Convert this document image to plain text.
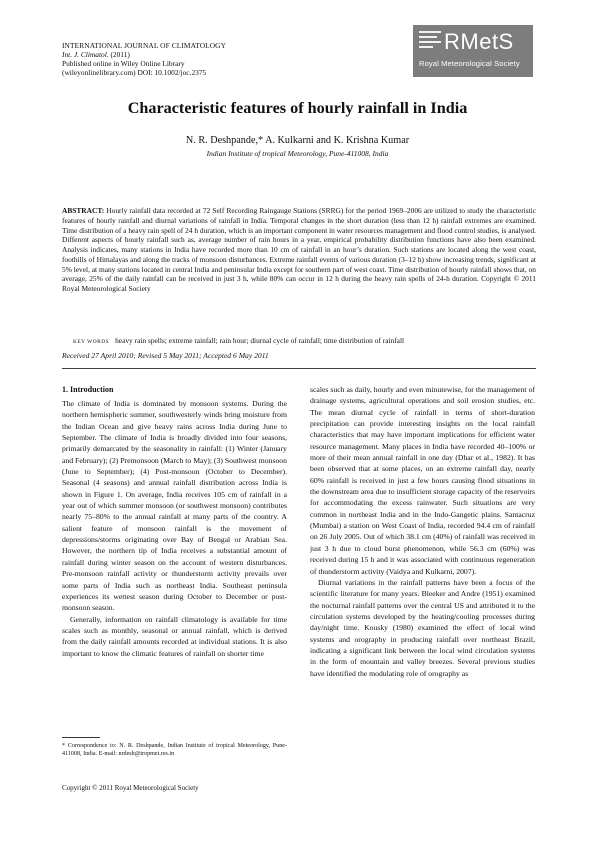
INTERNATIONAL JOURNAL OF CLIMATOLOGY
Int. J. Climatol. (2011)
Published online in Wiley Online Library
(wileyonlinelibrary.com) DOI: 10.1002/joc.2375
RMetS
Royal Meteorological Society
Characteristic features of hourly rainfall in India
N. R. Deshpande,* A. Kulkarni and K. Krishna Kumar
Indian Institute of tropical Meteorology, Pune-411008, India
ABSTRACT: Hourly rainfall data recorded at 72 Self Recording Raingauge Stations (SRRG) for the period 1969–2006 are utilized to study the characteristic features of hourly rainfall and diurnal variations of rainfall in India. Temporal changes in the short duration (less than 12 h) rainfall extremes are examined. Time distribution of a heavy rain spell of 24 h duration, which is an important component in water resources management and flood control studies, is analysed. Different aspects of hourly rainfall such as, average number of rain hours in a year, empirical probability distribution functions have also been examined. Analysis indicates, many stations in India have recorded more than 10 cm of rainfall in an hour’s duration. Such stations are located along the west coast, foothills of Himalayas and along the tracks of monsoon disturbances. Extreme rainfall events of various duration (3–12 h) show increasing trends, significant at 5% level, at many stations located in central India and peninsular India except for southern part of west coast. Time distribution of hourly rainfall shows that, on average, 25% of the daily rainfall can be received in just 3 h, while 80% can occur in 12 h during the heavy rain spells of 24-h duration. Copyright © 2011 Royal Meteorological Society
KEY WORDS heavy rain spells; extreme rainfall; rain hour; diurnal cycle of rainfall; time distribution of rainfall
Received 27 April 2010; Revised 5 May 2011; Accepted 6 May 2011
1. Introduction

The climate of India is dominated by monsoon systems. During the northern hemispheric summer, southwesterly winds bring moisture from the Indian Ocean and give heavy rains across India during June to September. The climate of India is broadly divided into four seasons, primarily demarcated by the seasonality in rainfall: (1) Winter (January and February); (2) Premonsoon (March to May); (3) Southwest monsoon (June to September); (4) Post-monsoon (October to December). Seasonal (4 seasons) and annual rainfall distribution across India is shown in Figure 1. On average, India receives 105 cm of rainfall in a year out of which summer monsoon (or southwest monsoon) contributes nearly 75–80% to the annual rainfall at many parts of the country. A salient feature of monsoon rainfall is the movement of depressions/storms originating over Bay of Bengal or Arabian Sea. However, the northern tip of India receives a substantial amount of rainfall during winter season on the account of western disturbances. Pre-monsoon rainfall activity or thunderstorm activity prevails over some parts of India such as northeast India. Southeast peninsula experiences its wettest season during October to December or post-monsoon season.

Generally, information on rainfall climatology is available for time scales such as monthly, seasonal or annual rainfall, which is derived from the daily rainfall amounts recorded at individual stations. It is also important to know the climatic features of rainfall on shorter time

scales such as daily, hourly and even minutewise, for the management of drainage systems, agricultural operations and soil erosion studies, etc. The mean diurnal cycle of rainfall in terms of short-duration precipitation can provide interesting insights on the local rainfall characteristics that may have important implications for efficient water resource management. Many places in India have recorded 40–100% or more of their mean annual rainfall in one day (Dhar et al., 1982). It has been observed that at some places, on an extreme rainfall day, nearly 60% rainfall is received in just a few hours causing flood situations in the downstream area due to insufficient storage capacity of the reservoirs for accommodating the excess rainwater. Such situations are very common in northeast India and in the Indo-Gangetic plains. Santacruz (Mumbai) a station on West Coast of India, recorded 94.4 cm of rainfall on 26 July 2005. Out of which 38.1 cm (40%) of rainfall was received in just 3 h due to cloud burst phenomenon, while 56.3 cm (60%) was received during 15 h and it was associated with continuous regeneration of thunderstorm activity (Vaidya and Kulkarni, 2007).

Diurnal variations in the rainfall patterns have been a focus of the scientific literature for many years. Bleeker and Andre (1951) examined the nocturnal rainfall patterns over the central US and attributed it to the circulation systems developed by the heating/cooling processes during day/night time. Kousky (1980) examined the effect of local wind systems and orography in producing rainfall over northeast Brazil, indicating a significant link between the local wind circulation systems in the form of mountain and valley breezes. Several previous studies have identified the modulating role of orography as

* Correspondence to: N. R. Deshpande, Indian Institute of tropical Meteorology, Pune-411008, India. E-mail: nrdesh@tropmet.res.in
Copyright © 2011 Royal Meteorological Society
